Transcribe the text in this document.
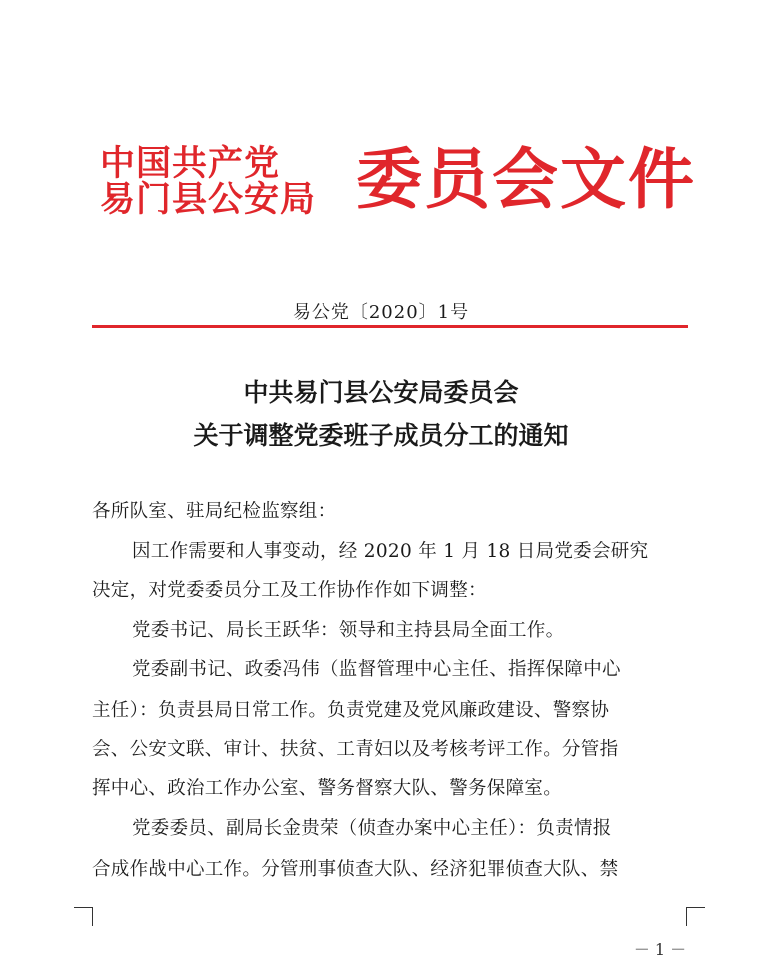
中国共产党
易门县公安局 委员会文件
易公党〔2020〕1号
中共易门县公安局委员会
关于调整党委班子成员分工的通知
各所队室、驻局纪检监察组：
因工作需要和人事变动，经 2020 年 1 月 18 日局党委会研究
决定，对党委委员分工及工作协作作如下调整：
党委书记、局长王跃华：领导和主持县局全面工作。
党委副书记、政委冯伟（监督管理中心主任、指挥保障中心
主任）：负责县局日常工作。负责党建及党风廉政建设、警察协
会、公安文联、审计、扶贫、工青妇以及考核考评工作。分管指
挥中心、政治工作办公室、警务督察大队、警务保障室。
党委委员、副局长金贵荣（侦查办案中心主任）：负责情报
合成作战中心工作。分管刑事侦查大队、经济犯罪侦查大队、禁
－ 1 －
